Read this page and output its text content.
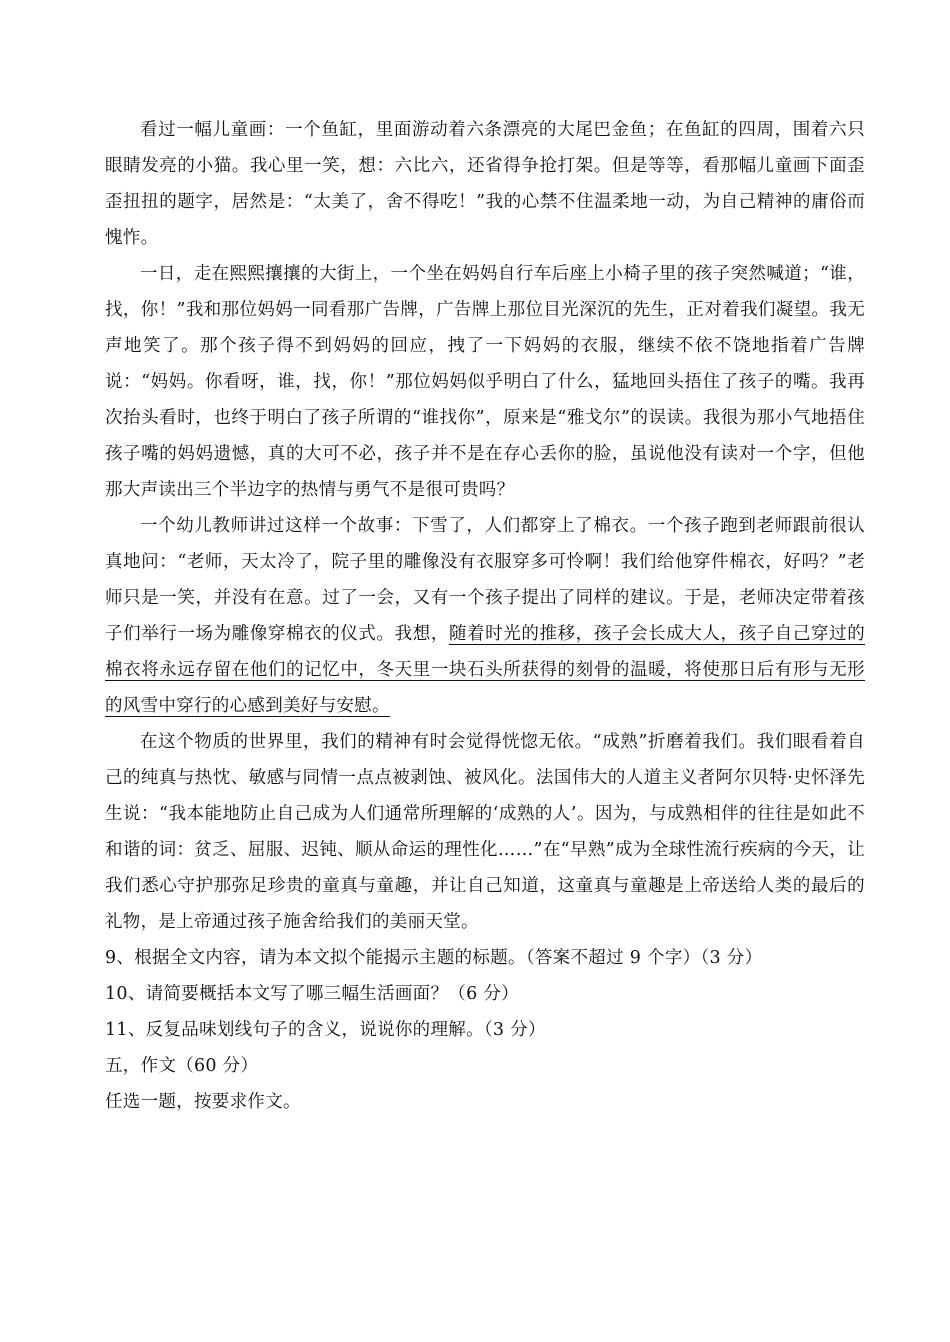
看过一幅儿童画：一个鱼缸，里面游动着六条漂亮的大尾巴金鱼；在鱼缸的四周，围着六只眼睛发亮的小猫。我心里一笑，想：六比六，还省得争抢打架。但是等等，看那幅儿童画下面歪歪扭扭的题字，居然是：“太美了，舍不得吃！”我的心禁不住温柔地一动，为自己精神的庸俗而愧怍。

一日，走在熙熙攘攘的大街上，一个坐在妈妈自行车后座上小椅子里的孩子突然喊道；“谁，找，你！”我和那位妈妈一同看那广告牌，广告牌上那位目光深沉的先生，正对着我们凝望。我无声地笑了。那个孩子得不到妈妈的回应，拽了一下妈妈的衣服，继续不依不饶地指着广告牌说：“妈妈。你看呀，谁，找，你！”那位妈妈似乎明白了什么，猛地回头捂住了孩子的嘴。我再次抬头看时，也终于明白了孩子所谓的“谁找你”，原来是“雅戈尔”的误读。我很为那小气地捂住孩子嘴的妈妈遗憾，真的大可不必，孩子并不是在存心丢你的脸，虽说他没有读对一个字，但他那大声读出三个半边字的热情与勇气不是很可贵吗？

一个幼儿教师讲过这样一个故事：下雪了，人们都穿上了棉衣。一个孩子跑到老师跟前很认真地问：“老师，天太冷了，院子里的雕像没有衣服穿多可怜啊！我们给他穿件棉衣，好吗？”老师只是一笑，并没有在意。过了一会，又有一个孩子提出了同样的建议。于是，老师决定带着孩子们举行一场为雕像穿棉衣的仪式。我想，随着时光的推移，孩子会长成大人，孩子自己穿过的棉衣将永远存留在他们的记忆中，冬天里一块石头所获得的刻骨的温暖，将使那日后有形与无形的风雪中穿行的心感到美好与安慰。

在这个物质的世界里，我们的精神有时会觉得恍惚无依。“成熟”折磨着我们。我们眼看着自己的纯真与热忱、敏感与同情一点点被剥蚀、被风化。法国伟大的人道主义者阿尔贝特·史怀泽先生说：“我本能地防止自己成为人们通常所理解的‘成熟的人’。因为，与成熟相伴的往往是如此不和谐的词：贫乏、屈服、迟钝、顺从命运的理性化……”在“早熟”成为全球性流行疾病的今天，让我们悉心守护那弥足珍贵的童真与童趣，并让自己知道，这童真与童趣是上帝送给人类的最后的礼物，是上帝通过孩子施舍给我们的美丽天堂。

9、根据全文内容，请为本文拟个能揭示主题的标题。（答案不超过 9 个字）（3 分）

10、请简要概括本文写了哪三幅生活画面？（6 分）

11、反复品味划线句子的含义，说说你的理解。（3 分）

五，作文（60 分）

任选一题，按要求作文。
